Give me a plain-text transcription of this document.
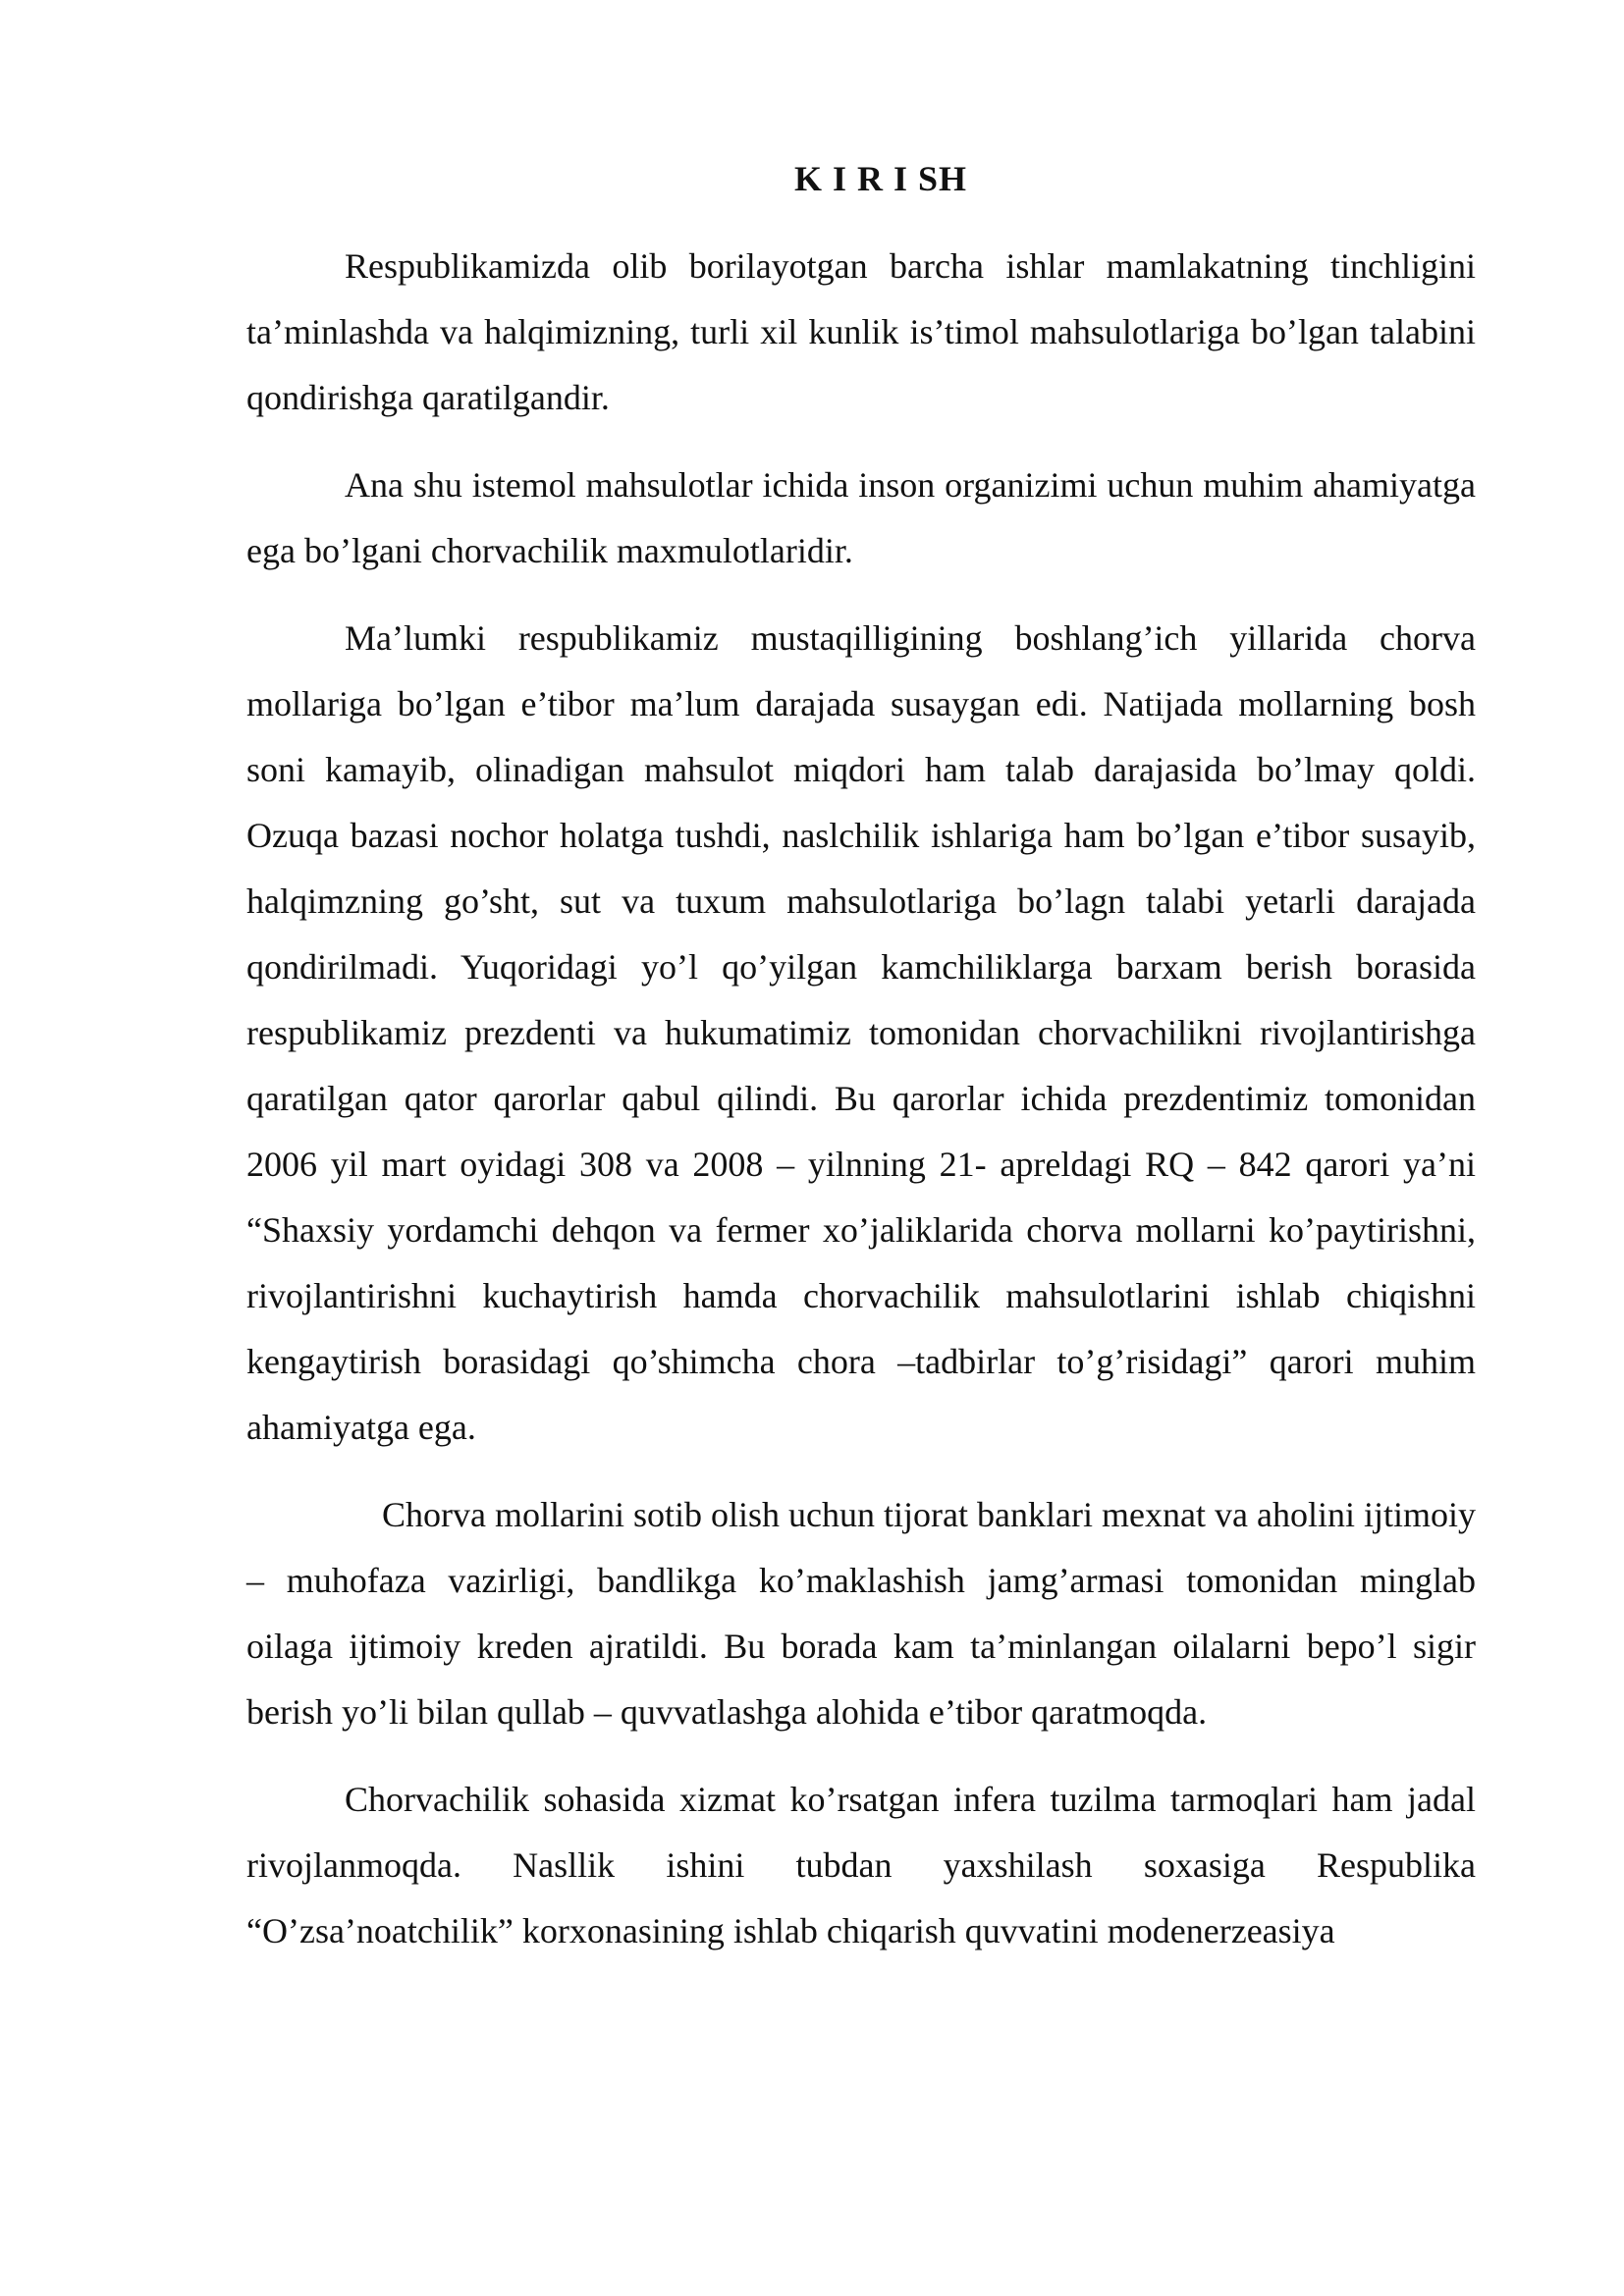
K I R I SH

Respublikamizda olib borilayotgan barcha ishlar mamlakatning tinchligini ta’minlashda va halqimizning, turli xil kunlik is’timol mahsulotlariga bo’lgan talabini qondirishga qaratilgandir.

Ana shu istemol mahsulotlar ichida inson organizimi uchun muhim ahamiyatga ega bo’lgani chorvachilik maxmulotlaridir.

Ma’lumki respublikamiz mustaqilligining boshlang’ich yillarida chorva mollariga bo’lgan e’tibor ma’lum darajada susaygan edi. Natijada mollarning bosh soni kamayib, olinadigan mahsulot miqdori ham talab darajasida bo’lmay qoldi. Ozuqa bazasi nochor holatga tushdi, naslchilik ishlariga ham bo’lgan e’tibor susayib, halqimzning go’sht, sut va tuxum mahsulotlariga bo’lagn talabi yetarli darajada qondirilmadi. Yuqoridagi yo’l qo’yilgan kamchiliklarga barxam berish borasida respublikamiz prezdenti va hukumatimiz tomonidan chorvachilikni rivojlantirishga qaratilgan qator qarorlar qabul qilindi. Bu qarorlar ichida prezdentimiz tomonidan 2006 yil mart oyidagi 308 va 2008 – yilnning 21- apreldagi RQ – 842 qarori ya’ni “Shaxsiy yordamchi dehqon va fermer xo’jaliklarida chorva mollarni ko’paytirishni, rivojlantirishni kuchaytirish hamda chorvachilik mahsulotlarini ishlab chiqishni kengaytirish borasidagi qo’shimcha chora –tadbirlar to’g’risidagi” qarori muhim ahamiyatga ega.

Chorva mollarini sotib olish uchun tijorat banklari mexnat va aholini ijtimoiy – muhofaza vazirligi, bandlikga ko’maklashish jamg’armasi tomonidan minglab oilaga ijtimoiy kreden ajratildi. Bu borada kam ta’minlangan oilalarni bepo’l sigir berish yo’li bilan qullab – quvvatlashga alohida e’tibor qaratmoqda.

Chorvachilik sohasida xizmat ko’rsatgan infera tuzilma tarmoqlari ham jadal rivojlanmoqda. Nasllik ishini tubdan yaxshilash soxasiga Respublika “O’zsa’noatchilik” korxonasining ishlab chiqarish quvvatini modenerzeasiya
